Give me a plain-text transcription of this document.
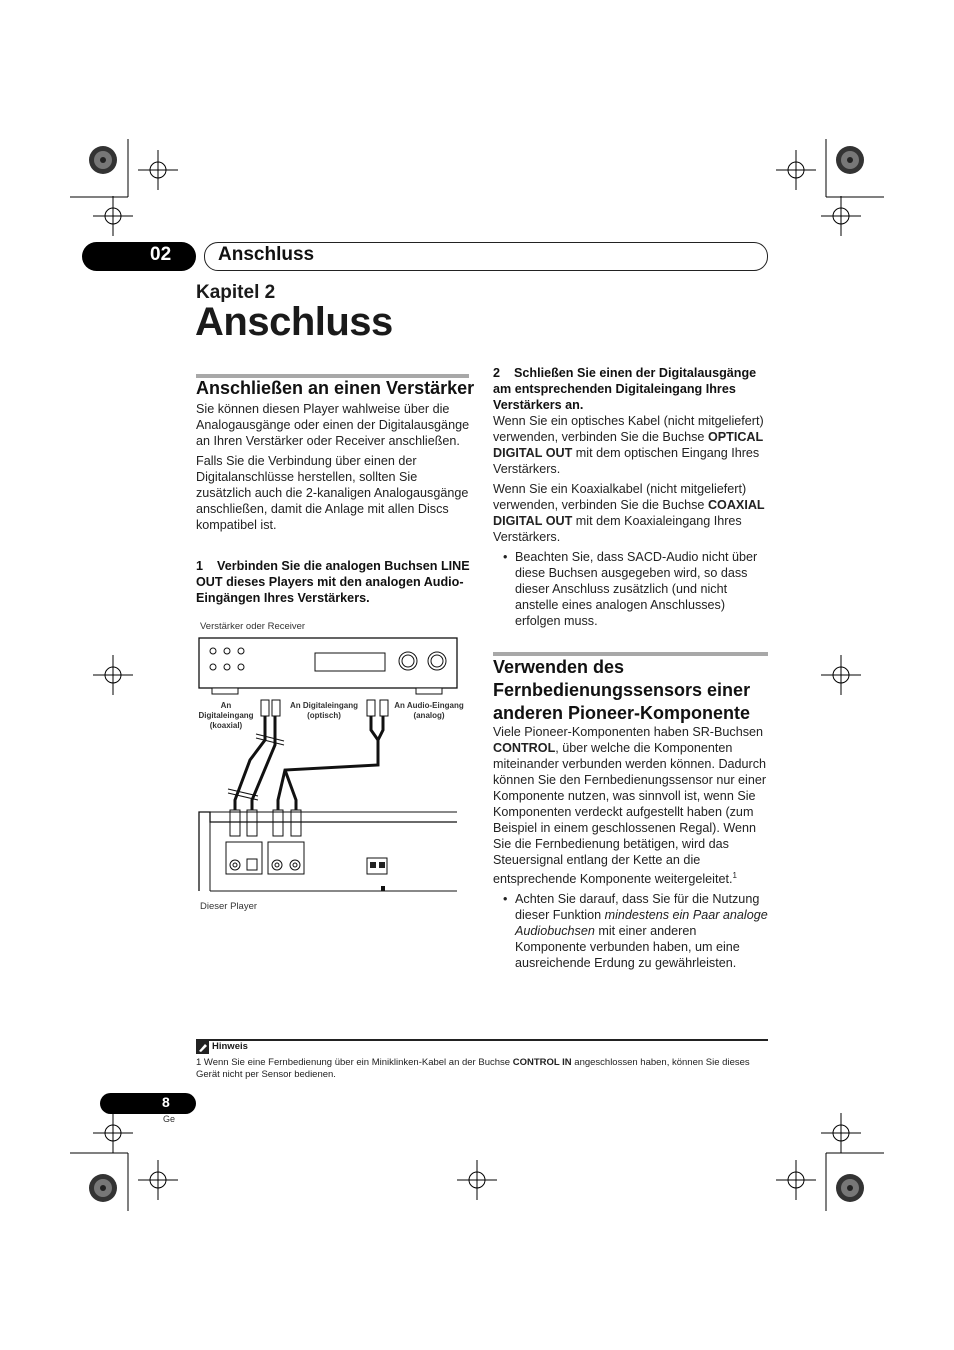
02	Anschluss
Kapitel 2
Anschluss
Anschließen an einen Verstärker

Sie können diesen Player wahlweise über die Analogausgänge oder einen der Digitalausgänge an Ihren Verstärker oder Receiver anschließen.

Falls Sie die Verbindung über einen der Digitalanschlüsse herstellen, sollten Sie zusätzlich auch die 2-kanaligen Analogausgänge anschließen, damit die Anlage mit allen Discs kompatibel ist.

1 Verbinden Sie die analogen Buchsen LINE OUT dieses Players mit den analogen Audio-Eingängen Ihres Verstärkers.
Verstärker oder Receiver
An Digitaleingang (koaxial)
An Digitaleingang (optisch)
An Audio-Eingang (analog)
Dieser Player
2 Schließen Sie einen der Digitalausgänge am entsprechenden Digitaleingang Ihres Verstärkers an.

Wenn Sie ein optisches Kabel (nicht mitgeliefert) verwenden, verbinden Sie die Buchse OPTICAL DIGITAL OUT mit dem optischen Eingang Ihres Verstärkers.

Wenn Sie ein Koaxialkabel (nicht mitgeliefert) verwenden, verbinden Sie die Buchse COAXIAL DIGITAL OUT mit dem Koaxialeingang Ihres Verstärkers.

• Beachten Sie, dass SACD-Audio nicht über diese Buchsen ausgegeben wird, so dass dieser Anschluss zusätzlich (und nicht anstelle eines analogen Anschlusses) erfolgen muss.
Verwenden des Fernbedienungssensors einer anderen Pioneer-Komponente

Viele Pioneer-Komponenten haben SR-Buchsen CONTROL, über welche die Komponenten miteinander verbunden werden können. Dadurch können Sie den Fernbedienungssensor nur einer Komponente nutzen, was sinnvoll ist, wenn Sie Komponenten verdeckt aufgestellt haben (zum Beispiel in einem geschlossenen Regal). Wenn Sie die Fernbedienung betätigen, wird das Steuersignal entlang der Kette an die entsprechende Komponente weitergeleitet.$^1$

• Achten Sie darauf, dass Sie für die Nutzung dieser Funktion mindestens ein Paar analoge Audiobuchsen mit einer anderen Komponente verbunden haben, um eine ausreichende Erdung zu gewährleisten.
Hinweis
1 Wenn Sie eine Fernbedienung über ein Miniklinken-Kabel an der Buchse CONTROL IN angeschlossen haben, können Sie dieses Gerät nicht per Sensor bedienen.
8
Ge
